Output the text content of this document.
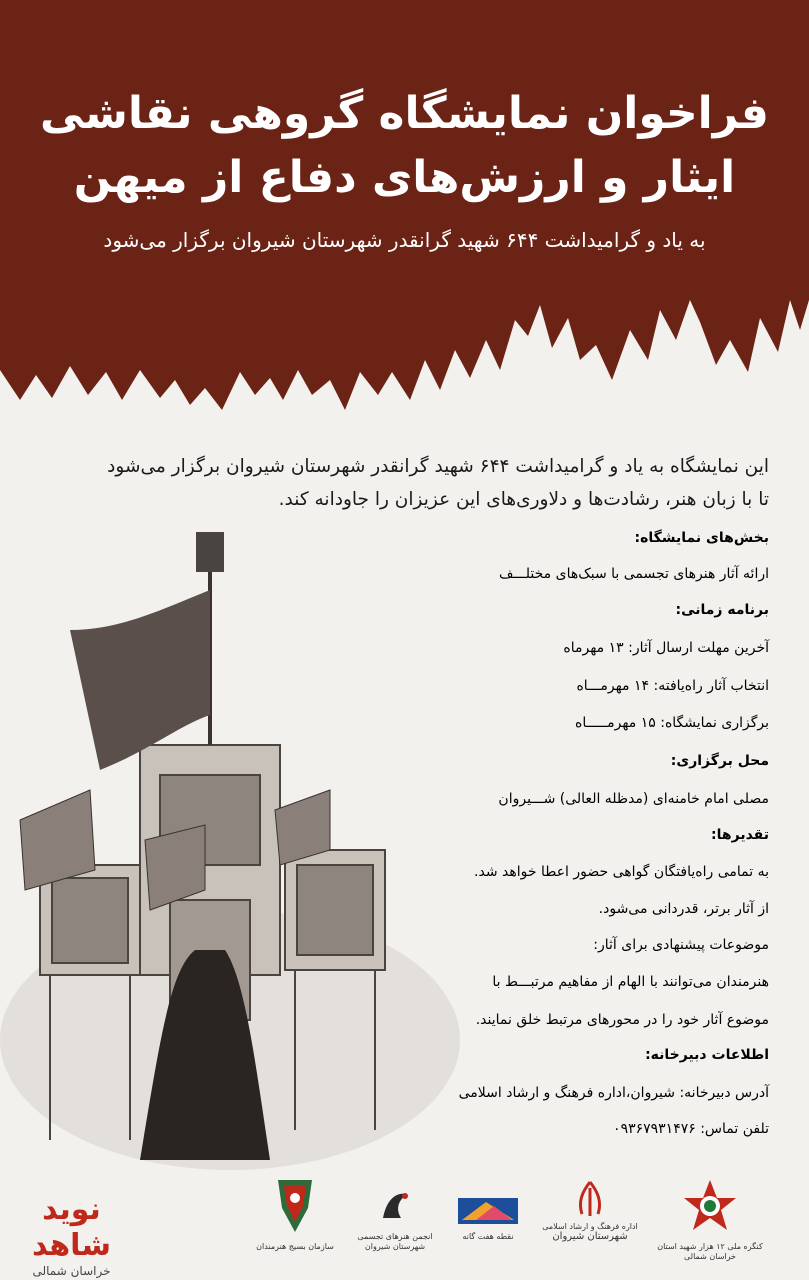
فراخوان نمایشگاه گروهی نقاشی
ایثار و ارزش‌های دفاع از میهن
به یاد و گرامیداشت ۶۴۴ شهید گرانقدر شهرستان شیروان برگزار می‌شود
این نمایشگاه به یاد و گرامیداشت ۶۴۴ شهید گرانقدر شهرستان شیروان برگزار می‌شود
تا با زبان هنر، رشادت‌ها و دلاوری‌های این عزیزان را جاودانه کند.
بخش‌های نمایشگاه:
ارائه آثار هنرهای تجسمی با سبک‌های مختلـــف
برنامه زمانی:
آخرین مهلت ارسال آثار: ۱۳ مهرماه
انتخاب آثار راه‌یافته: ۱۴ مهرمـــاه
برگزاری نمایشگاه: ۱۵ مهرمـــــاه
محل برگزاری:
مصلی امام خامنه‌ای (مدظله العالی) شـــیروان
تقدیرها:
به تمامی راه‌یافتگان گواهی حضور اعطا خواهد شد.
از آثار برتر، قدردانی می‌شود.
موضوعات پیشنهادی برای آثار:
هنرمندان می‌توانند با الهام از مفاهیم مرتبـــط با
موضوع آثار خود را در محورهای مرتبط خلق نمایند.
اطلاعات دبیرخانه:
آدرس دبیرخانه: شیروان،اداره فرهنگ و ارشاد اسلامی
تلفن تماس: ۰۹۳۶۷۹۳۱۴۷۶
کنگره ملی ۱۲ هزار شهید استان خراسان شمالی
اداره فرهنگ و ارشاد اسلامی
شهرستان شیروان
نقطه هفت گانه
انجمن هنرهای تجسمی
شهرستان شیروان
سازمان بسیج هنرمندان
نوید شاهد
خراسان شمالی
